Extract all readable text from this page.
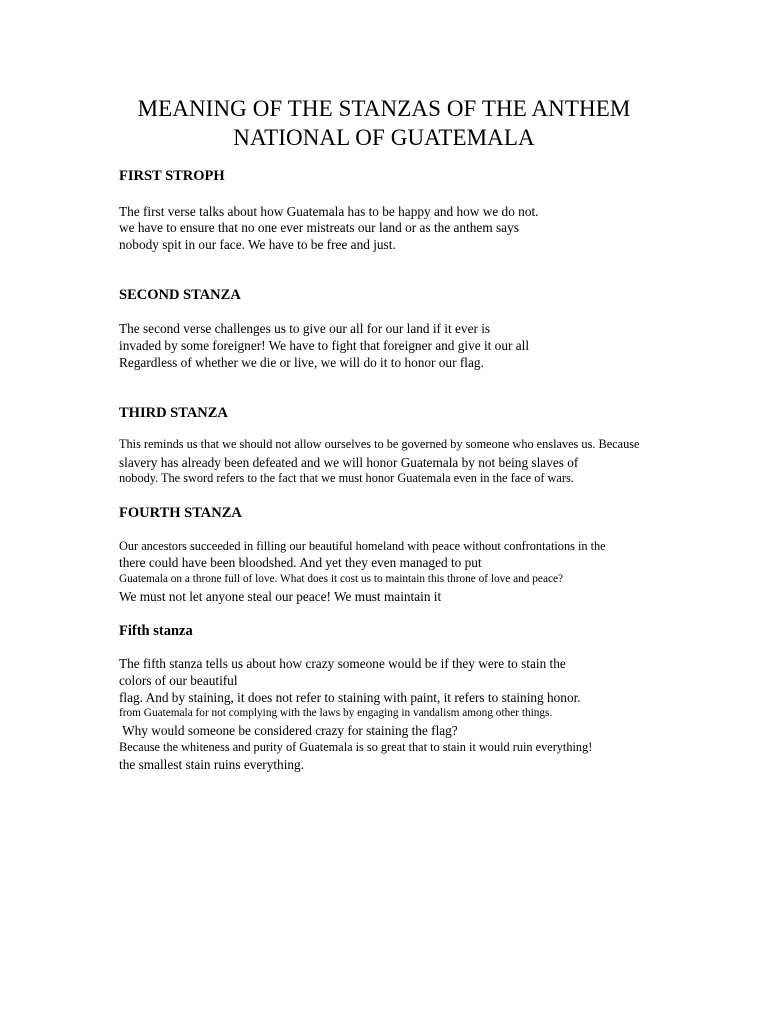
MEANING OF THE STANZAS OF THE ANTHEM
NATIONAL OF GUATEMALA
FIRST STROPH
The first verse talks about how Guatemala has to be happy and how we do not.
we have to ensure that no one ever mistreats our land or as the anthem says
nobody spit in our face. We have to be free and just.
SECOND STANZA
The second verse challenges us to give our all for our land if it ever is
invaded by some foreigner! We have to fight that foreigner and give it our all
Regardless of whether we die or live, we will do it to honor our flag.
THIRD STANZA
This reminds us that we should not allow ourselves to be governed by someone who enslaves us. Because
slavery has already been defeated and we will honor Guatemala by not being slaves of
nobody. The sword refers to the fact that we must honor Guatemala even in the face of wars.
FOURTH STANZA
Our ancestors succeeded in filling our beautiful homeland with peace without confrontations in the
there could have been bloodshed. And yet they even managed to put
Guatemala on a throne full of love. What does it cost us to maintain this throne of love and peace?
We must not let anyone steal our peace! We must maintain it
Fifth stanza
The fifth stanza tells us about how crazy someone would be if they were to stain the
colors of our beautiful
flag. And by staining, it does not refer to staining with paint, it refers to staining honor.
from Guatemala for not complying with the laws by engaging in vandalism among other things.
Why would someone be considered crazy for staining the flag?
Because the whiteness and purity of Guatemala is so great that to stain it would ruin everything!
the smallest stain ruins everything.
